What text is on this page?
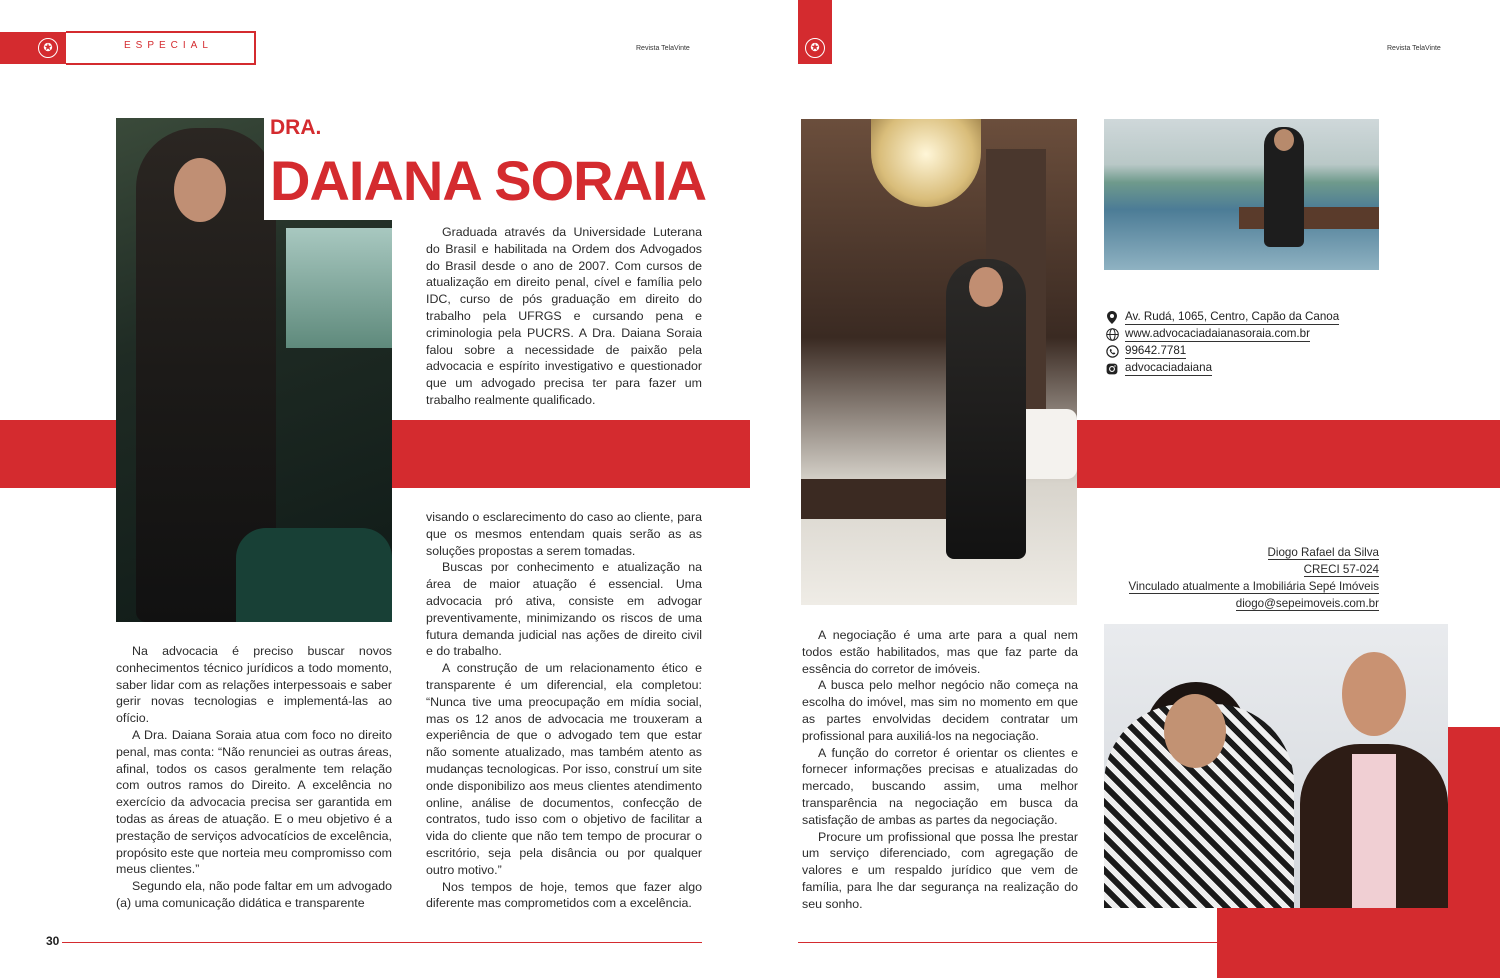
✪	ESPECIAL	Revista TelaVinte	✪	Revista TelaVinte
DRA.
DAIANA SORAIA

Graduada através da Universidade Luterana do Brasil e habilitada na Ordem dos Advogados do Brasil desde o ano de 2007. Com cursos de atualização em direito penal, cível e família pelo IDC, curso de pós graduação em direito do trabalho pela UFRGS e cursando pena e criminologia pela PUCRS. A Dra. Daiana Soraia falou sobre a necessidade de paixão pela advocacia e espírito investigativo e questionador que um advogado precisa ter para fazer um trabalho realmente qualificado.

Na advocacia é preciso buscar novos conhecimentos técnico jurídicos a todo momento, saber lidar com as relações interpessoais e saber gerir novas tecnologias e implementá-las ao ofício.

A Dra. Daiana Soraia atua com foco no direito penal, mas conta: “Não renunciei as outras áreas, afinal, todos os casos geralmente tem relação com outros ramos do Direito. A excelência no exercício da advocacia precisa ser garantida em todas as áreas de atuação. E o meu objetivo é a prestação de serviços advocatícios de excelência, propósito este que norteia meu compromisso com meus clientes.”

Segundo ela, não pode faltar em um advogado (a) uma comunicação didática e transparente

visando o esclarecimento do caso ao cliente, para que os mesmos entendam quais serão as as soluções propostas a serem tomadas.

Buscas por conhecimento e atualização na área de maior atuação é essencial. Uma advocacia pró ativa, consiste em advogar preventivamente, minimizando os riscos de uma futura demanda judicial nas ações de direito civil e do trabalho.

A construção de um relacionamento ético e transparente é um diferencial, ela completou: “Nunca tive uma preocupação em mídia social, mas os 12 anos de advocacia me trouxeram a experiência de que o advogado tem que estar não somente atualizado, mas também atento as mudanças tecnologicas. Por isso, construí um site onde disponibilizo aos meus clientes atendimento online, análise de documentos, confecção de contratos, tudo isso com o objetivo de facilitar a vida do cliente que não tem tempo de procurar o escritório, seja pela disância ou por qualquer outro motivo.”

Nos tempos de hoje, temos que fazer algo diferente mas comprometidos com a excelência.

A negociação é uma arte para a qual nem todos estão habilitados, mas que faz parte da essência do corretor de imóveis.

A busca pelo melhor negócio não começa na escolha do imóvel, mas sim no momento em que as partes envolvidas decidem contratar um profissional para auxiliá-los na negociação.

A função do corretor é orientar os clientes e fornecer informações precisas e atualizadas do mercado, buscando assim, uma melhor transparência na negociação em busca da satisfação de ambas as partes da negociação.

Procure um profissional que possa lhe prestar um serviço diferenciado, com agregação de valores e um respaldo jurídico que vem de família, para lhe dar segurança na realização do seu sonho.

Av. Rudá, 1065, Centro, Capão da Canoa
www.advocaciadaianasoraia.com.br
99642.7781
advocaciadaiana
Diogo Rafael da Silva
CRECI 57-024
Vinculado atualmente a Imobiliária Sepé Imóveis
diogo@sepeimoveis.com.br
30
